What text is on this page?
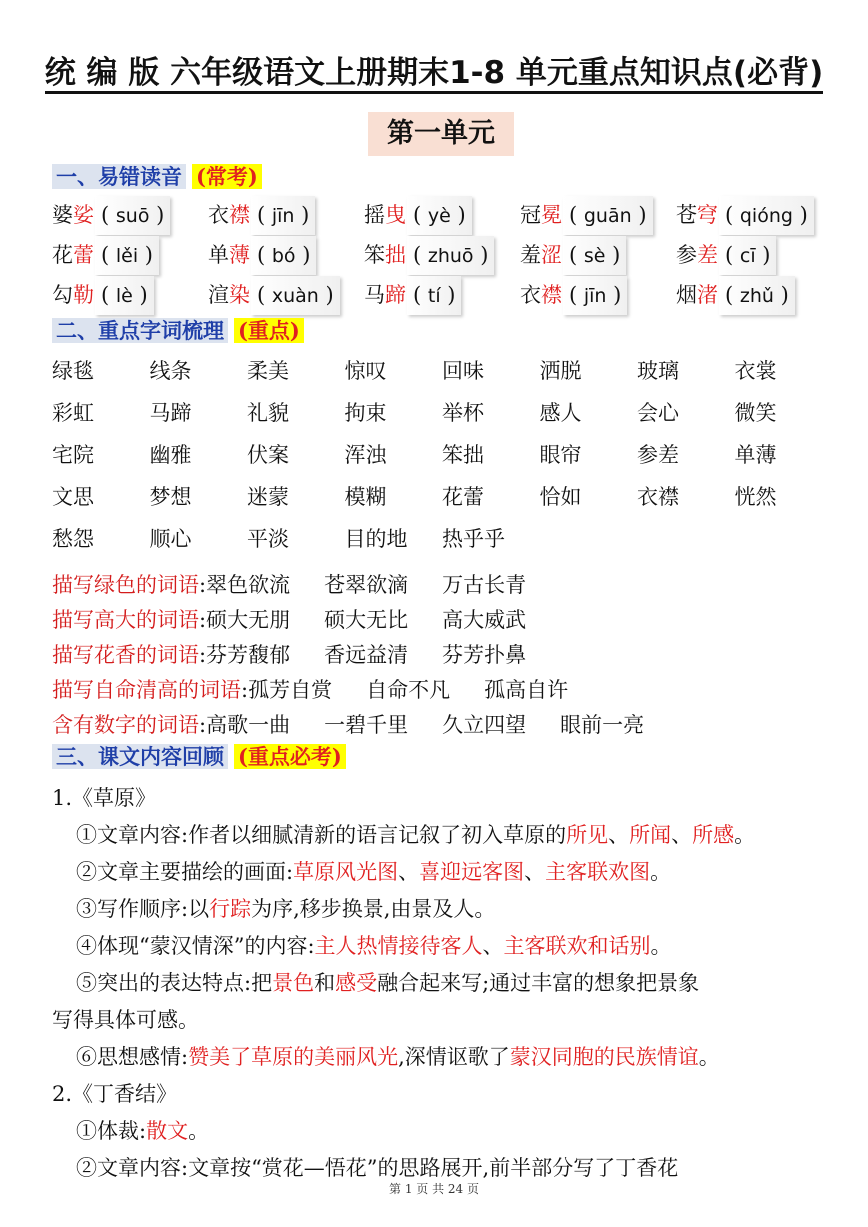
统 编 版 六年级语文上册期末1-8 单元重点知识点(必背)
第一单元
一、易错读音 (常考)
婆娑 ( suō ) 衣襟 ( jīn )	摇曳 ( yè )	冠冕 ( guān ) 苍穹 ( qióng )
花蕾 ( lěi )	单薄 ( bó )	笨拙 ( zhuō ) 羞涩 ( sè )	参差 ( cī )
勾勒 ( lè )	渲染 ( xuàn ) 马蹄 ( tí )	衣襟 ( jīn )	烟渚 ( zhǔ )
二、重点字词梳理 (重点)
绿毯	线条	柔美	惊叹	回味	洒脱	玻璃	衣裳
彩虹	马蹄	礼貌	拘束	举杯	感人	会心	微笑
宅院	幽雅	伏案	浑浊	笨拙	眼帘	参差	单薄
文思	梦想	迷蒙	模糊	花蕾	恰如	衣襟	恍然
愁怨	顺心	平淡	目的地 热乎乎
描写绿色的词语:翠色欲流 苍翠欲滴 万古长青
描写高大的词语:硕大无朋 硕大无比 高大威武
描写花香的词语:芬芳馥郁 香远益清 芬芳扑鼻
描写自命清高的词语:孤芳自赏 自命不凡 孤高自许
含有数字的词语:高歌一曲 一碧千里 久立四望 眼前一亮
三、课文内容回顾 (重点必考)
1.《草原》
①文章内容:作者以细腻清新的语言记叙了初入草原的所见、所闻、所感。
②文章主要描绘的画面:草原风光图、喜迎远客图、主客联欢图。
③写作顺序:以行踪为序,移步换景,由景及人。
④体现“蒙汉情深”的内容:主人热情接待客人、主客联欢和话别。
⑤突出的表达特点:把景色和感受融合起来写;通过丰富的想象把景象
写得具体可感。
⑥思想感情:赞美了草原的美丽风光,深情讴歌了蒙汉同胞的民族情谊。
2.《丁香结》
①体裁:散文。
②文章内容:文章按“赏花—悟花”的思路展开,前半部分写了丁香花
第 1 页 共 24 页
